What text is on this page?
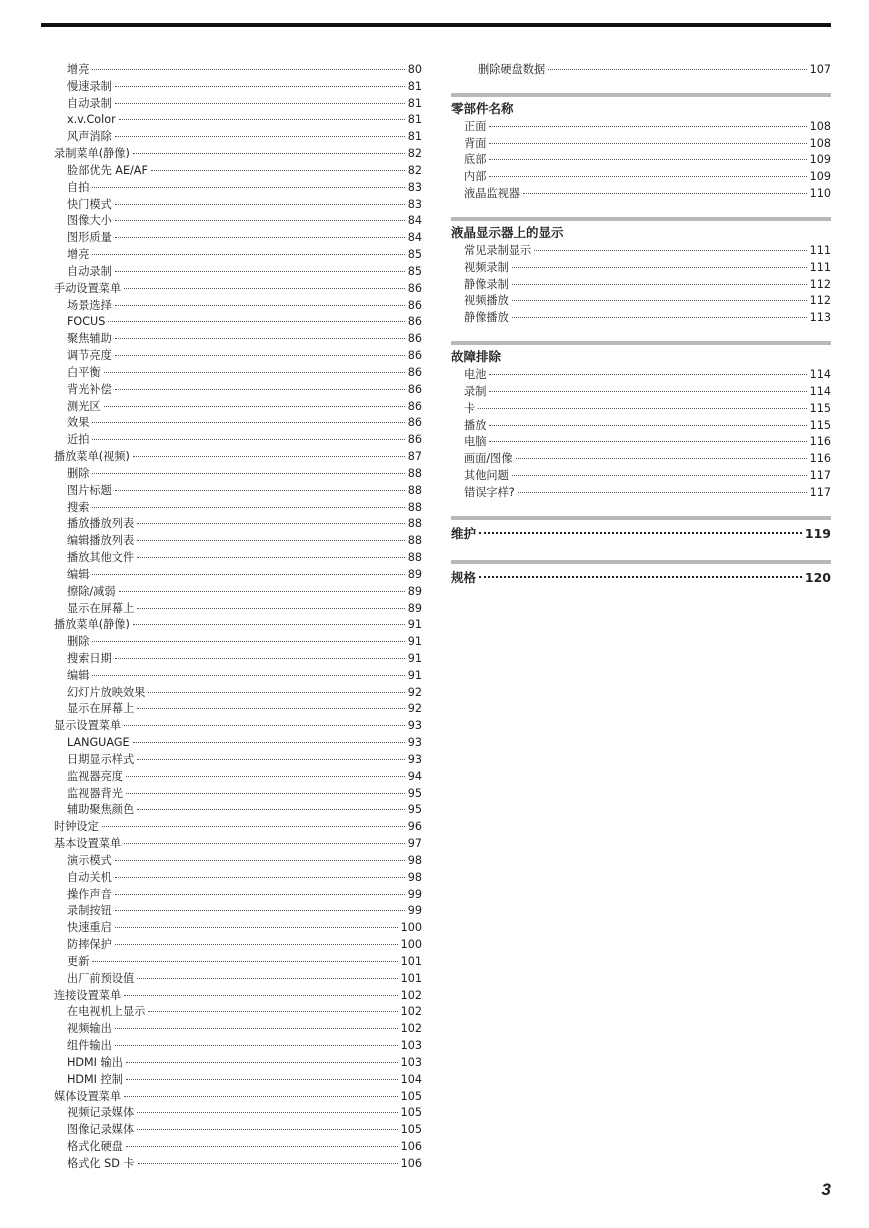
增亮	80
慢速录制	81
自动录制	81
x.v.Color	81
风声消除	81
录制菜单(静像)	82
脸部优先 AE/AF	82
自拍	83
快门模式	83
图像大小	84
图形质量	84
增亮	85
自动录制	85
手动设置菜单	86
场景选择	86
FOCUS	86
聚焦辅助	86
调节亮度	86
白平衡	86
背光补偿	86
测光区	86
效果	86
近拍	86
播放菜单(视频)	87
删除	88
图片标题	88
搜索	88
播放播放列表	88
编辑播放列表	88
播放其他文件	88
编辑	89
擦除/减弱	89
显示在屏幕上	89
播放菜单(静像)	91
删除	91
搜索日期	91
编辑	91
幻灯片放映效果	92
显示在屏幕上	92
显示设置菜单	93
LANGUAGE	93
日期显示样式	93
监视器亮度	94
监视器背光	95
辅助聚焦颜色	95
时钟设定	96
基本设置菜单	97
演示模式	98
自动关机	98
操作声音	99
录制按钮	99
快速重启	100
防摔保护	100
更新	101
出厂前预设值	101
连接设置菜单	102
在电视机上显示	102
视频输出	102
组件输出	103
HDMI 输出	103
HDMI 控制	104
媒体设置菜单	105
视频记录媒体	105
图像记录媒体	105
格式化硬盘	106
格式化 SD 卡	106
删除硬盘数据	107
零部件名称
正面	108
背面	108
底部	109
内部	109
液晶监视器	110
液晶显示器上的显示
常见录制显示	111
视频录制	111
静像录制	112
视频播放	112
静像播放	113
故障排除
电池	114
录制	114
卡	115
播放	115
电脑	116
画面/图像	116
其他问题	117
错误字样?	117
维护	119
规格	120
3
